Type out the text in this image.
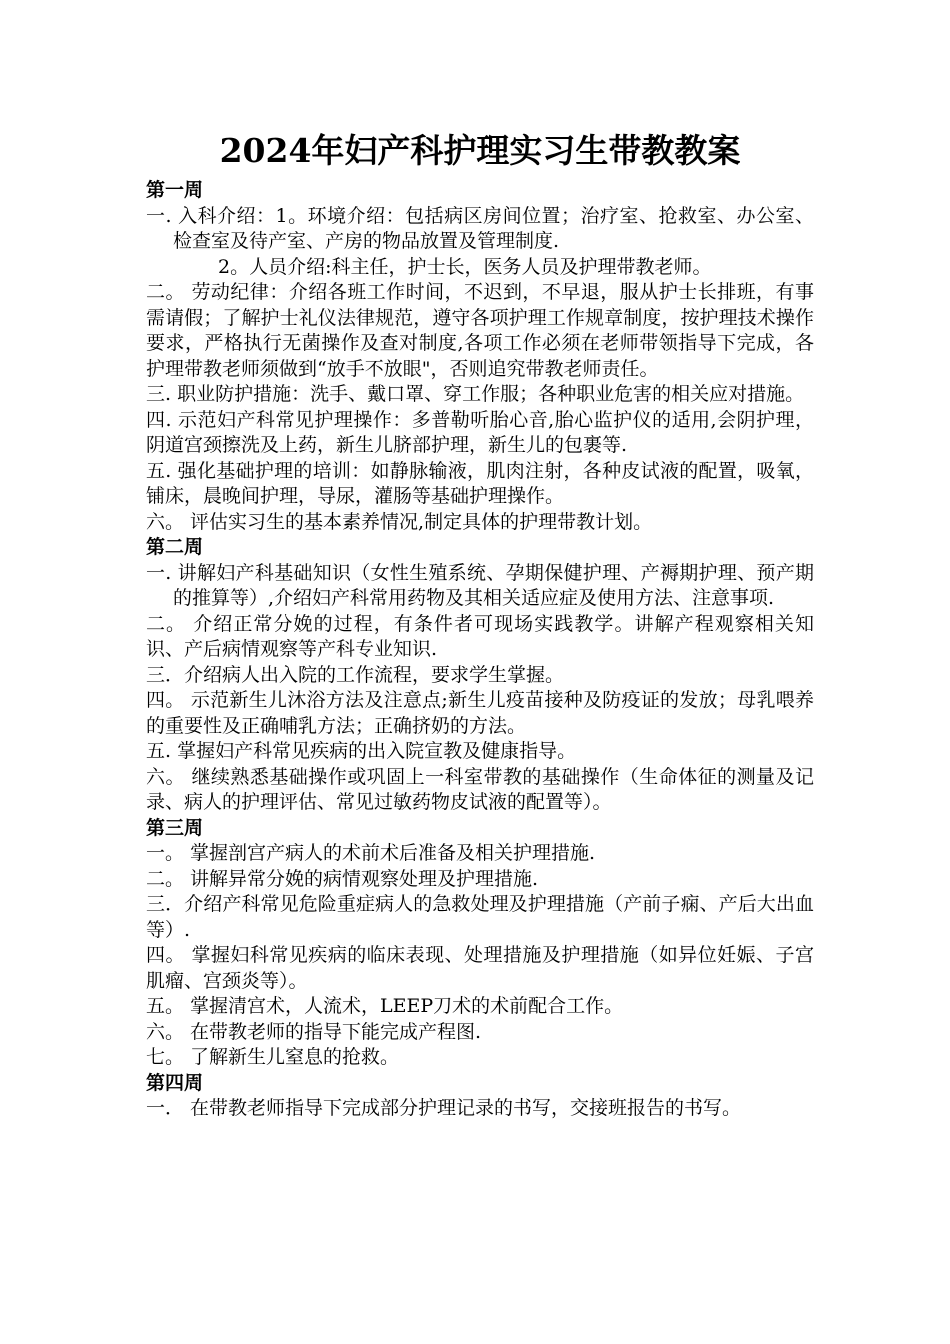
2024年妇产科护理实习生带教教案

第一周

一. 入科介绍：1。环境介绍：包括病区房间位置；治疗室、抢救室、办公室、检查室及待产室、产房的物品放置及管理制度.

2。人员介绍:科主任，护士长，医务人员及护理带教老师。

二。 劳动纪律：介绍各班工作时间，不迟到，不早退，服从护士长排班，有事需请假；了解护士礼仪法律规范，遵守各项护理工作规章制度，按护理技术操作要求，严格执行无菌操作及查对制度,各项工作必须在老师带领指导下完成，各护理带教老师须做到“放手不放眼"，否则追究带教老师责任。

三. 职业防护措施：洗手、戴口罩、穿工作服；各种职业危害的相关应对措施。

四. 示范妇产科常见护理操作：多普勒听胎心音,胎心监护仪的适用,会阴护理，阴道宫颈擦洗及上药，新生儿脐部护理，新生儿的包裹等.

五. 强化基础护理的培训：如静脉输液，肌肉注射，各种皮试液的配置，吸氧，铺床，晨晚间护理，导尿，灌肠等基础护理操作。

六。 评估实习生的基本素养情况,制定具体的护理带教计划。

第二周

一. 讲解妇产科基础知识（女性生殖系统、孕期保健护理、产褥期护理、预产期的推算等）,介绍妇产科常用药物及其相关适应症及使用方法、注意事项.

二。 介绍正常分娩的过程，有条件者可现场实践教学。讲解产程观察相关知识、产后病情观察等产科专业知识.

三．介绍病人出入院的工作流程，要求学生掌握。

四。 示范新生儿沐浴方法及注意点;新生儿疫苗接种及防疫证的发放；母乳喂养的重要性及正确哺乳方法；正确挤奶的方法。

五. 掌握妇产科常见疾病的出入院宣教及健康指导。

六。 继续熟悉基础操作或巩固上一科室带教的基础操作（生命体征的测量及记录、病人的护理评估、常见过敏药物皮试液的配置等）。

第三周

一。 掌握剖宫产病人的术前术后准备及相关护理措施.

二。 讲解异常分娩的病情观察处理及护理措施.

三．介绍产科常见危险重症病人的急救处理及护理措施（产前子痫、产后大出血等）.

四。 掌握妇科常见疾病的临床表现、处理措施及护理措施（如异位妊娠、子宫肌瘤、宫颈炎等）。

五。 掌握清宫术，人流术，LEEP刀术的术前配合工作。

六。 在带教老师的指导下能完成产程图.

七。 了解新生儿窒息的抢救。

第四周

一． 在带教老师指导下完成部分护理记录的书写，交接班报告的书写。
